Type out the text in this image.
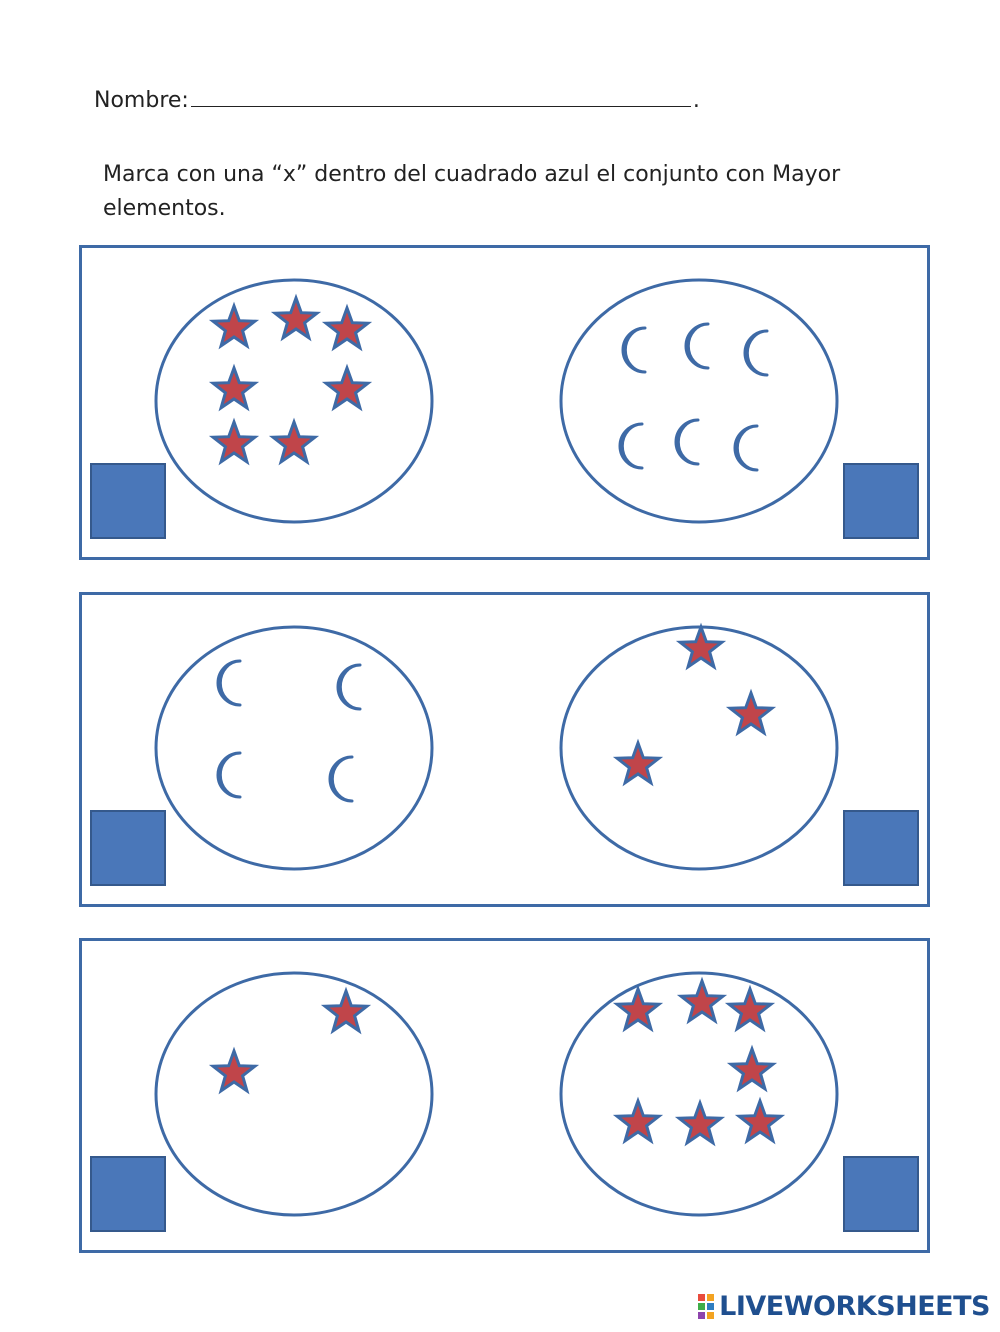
Nombre:	.
Marca con una “x” dentro del cuadrado azul el conjunto con Mayor elementos.
LIVEWORKSHEETS
